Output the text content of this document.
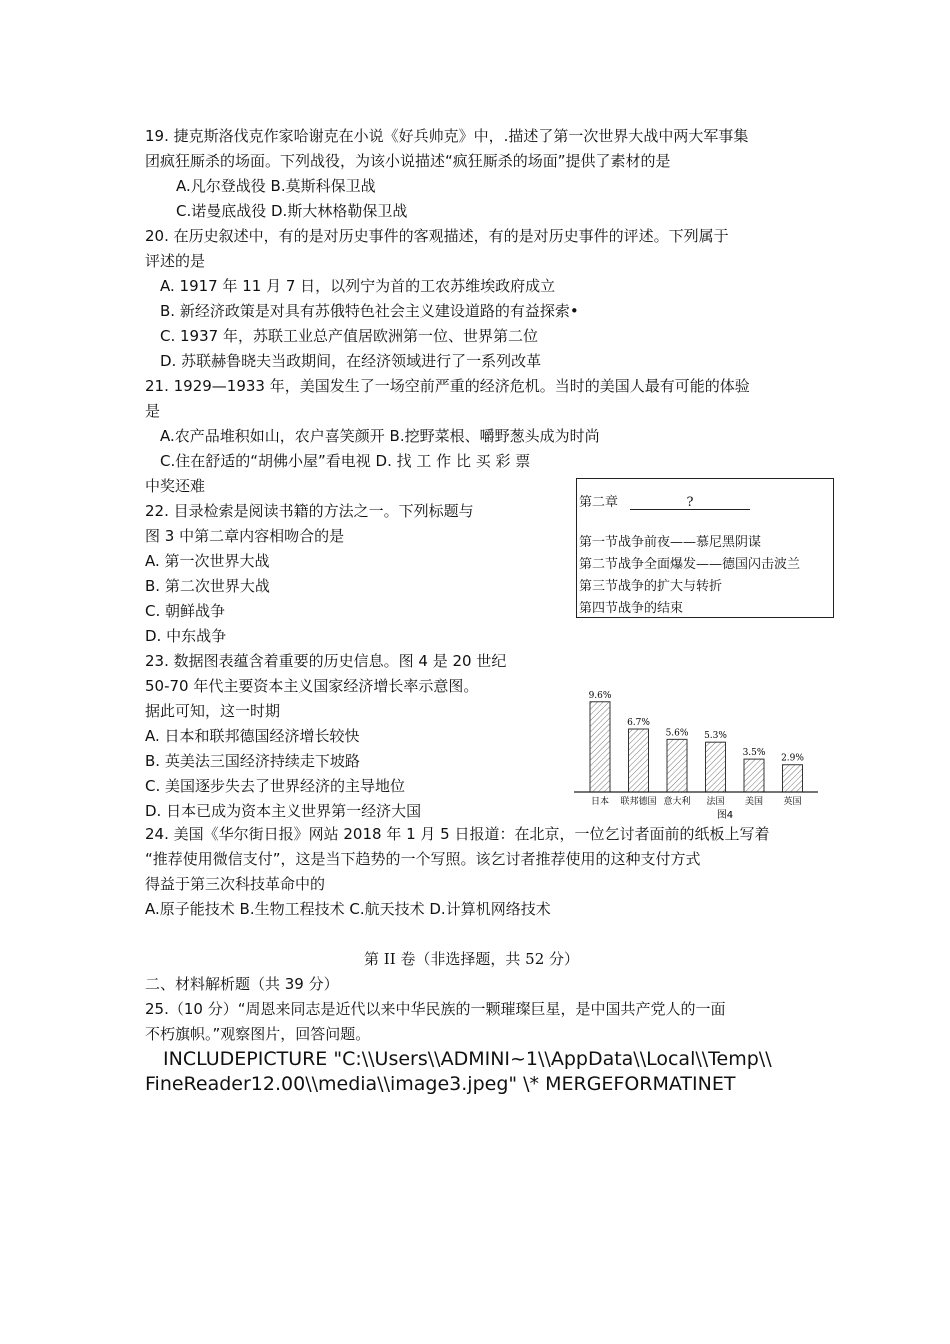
19. 捷克斯洛伐克作家哈谢克在小说《好兵帅克》中，.描述了第一次世界大战中两大军事集
团疯狂厮杀的场面。下列战役，为该小说描述“疯狂厮杀的场面”提供了素材的是
A.凡尔登战役 B.莫斯科保卫战
C.诺曼底战役 D.斯大林格勒保卫战
20. 在历史叙述中，有的是对历史事件的客观描述，有的是对历史事件的评述。下列属于
评述的是
A. 1917 年 11 月 7 日，以列宁为首的工农苏维埃政府成立
B. 新经济政策是对具有苏俄特色社会主义建设道路的有益探索•
C. 1937 年，苏联工业总产值居欧洲第一位、世界第二位
D. 苏联赫鲁晓夫当政期间，在经济领域进行了一系列改革
21. 1929—1933 年，美国发生了一场空前严重的经济危机。当时的美国人最有可能的体验
是
A.农产品堆积如山，农户喜笑颜开 B.挖野菜根、嚼野葱头成为时尚
C.住在舒适的“胡佛小屋”看电视 D. 找 工 作 比 买 彩 票
中奖还难
22. 目录检索是阅读书籍的方法之一。下列标题与
图 3 中第二章内容相吻合的是
A. 第一次世界大战
B. 第二次世界大战
C. 朝鲜战争
D. 中东战争
第二章	?
第一节战争前夜——慕尼黑阴谋
第二节战争全面爆发——德国闪击波兰
第三节战争的扩大与转折
第四节战争的结束
23. 数据图表蕴含着重要的历史信息。图 4 是 20 世纪
50-70 年代主要资本主义国家经济增长率示意图。
据此可知，这一时期
A. 日本和联邦德国经济增长较快
B. 英美法三国经济持续走下坡路
C. 美国逐步失去了世界经济的主导地位
D. 日本已成为资本主义世界第一经济大国
9.6%
日本
6.7%
联邦德国
5.6%
意大利
5.3%
法国
3.5%
美国
2.9%
英国
图4
24. 美国《华尔街日报》网站 2018 年 1 月 5 日报道：在北京，一位乞讨者面前的纸板上写着
“推荐使用微信支付”，这是当下趋势的一个写照。该乞讨者推荐使用的这种支付方式
得益于第三次科技革命中的
A.原子能技术 B.生物工程技术 C.航天技术 D.计算机网络技术
第 II 卷（非选择题，共 52 分）
二、材料解析题（共 39 分）
25.（10 分）“周恩来同志是近代以来中华民族的一颗璀璨巨星，是中国共产党人的一面
不朽旗帜。”观察图片，回答问题。
INCLUDEPICTURE "C:\\Users\\ADMINI~1\\AppData\\Local\\Temp\\
FineReader12.00\\media\\image3.jpeg" \* MERGEFORMATINET
